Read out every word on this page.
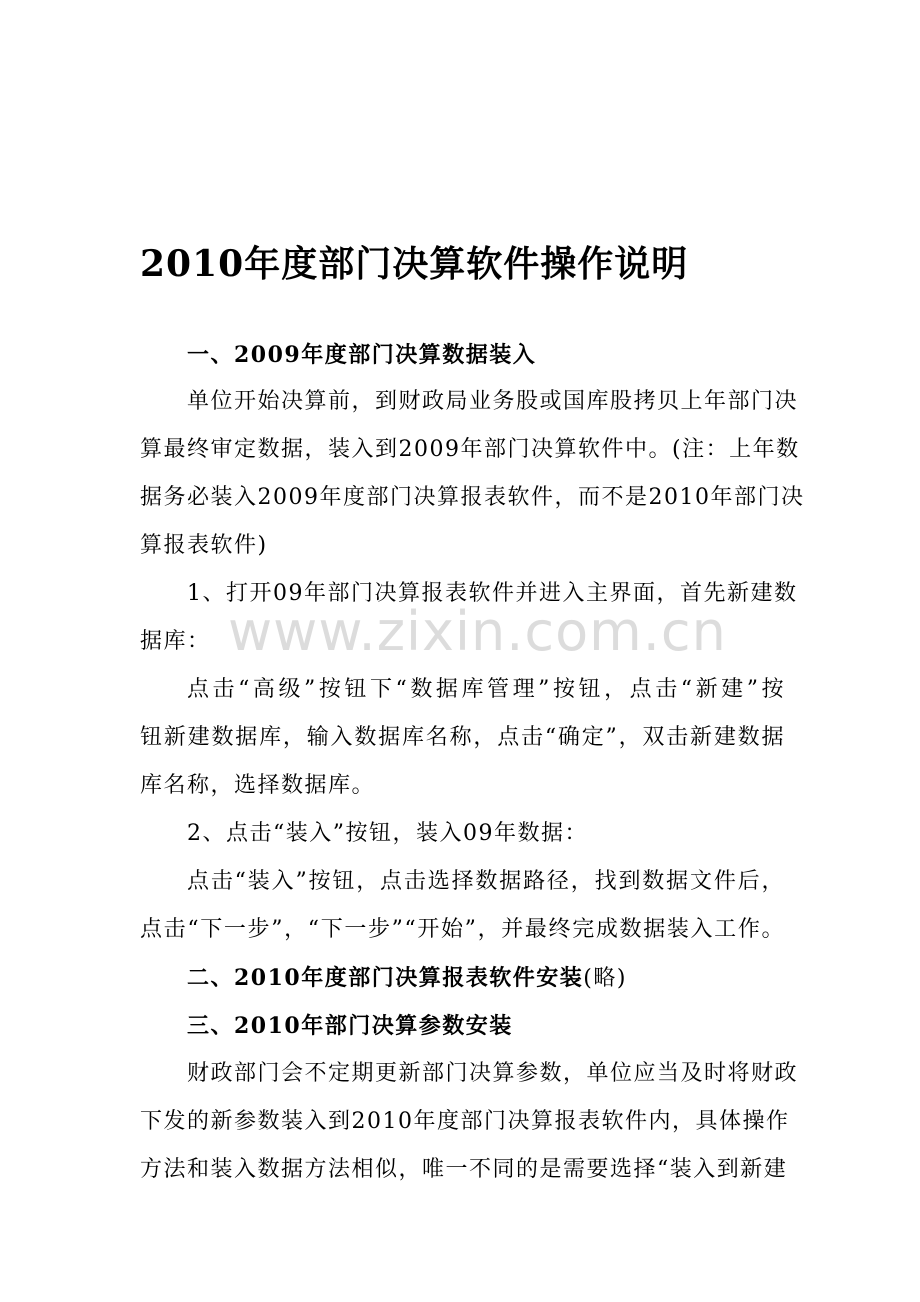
2010年度部门决算软件操作说明
一、2009年度部门决算数据装入
单位开始决算前，到财政局业务股或国库股拷贝上年部门决
算最终审定数据，装入到2009年部门决算软件中。(注：上年数
据务必装入2009年度部门决算报表软件，而不是2010年部门决
算报表软件)
1、打开09年部门决算报表软件并进入主界面，首先新建数
据库：
点击“高级”按钮下“数据库管理”按钮，点击“新建”按
钮新建数据库，输入数据库名称，点击“确定”，双击新建数据
库名称，选择数据库。
2、点击“装入”按钮，装入09年数据：
点击“装入”按钮，点击选择数据路径，找到数据文件后，
点击“下一步”，“下一步”“开始”，并最终完成数据装入工作。
二、2010年度部门决算报表软件安装(略)
三、2010年部门决算参数安装
财政部门会不定期更新部门决算参数，单位应当及时将财政
下发的新参数装入到2010年度部门决算报表软件内，具体操作
方法和装入数据方法相似，唯一不同的是需要选择“装入到新建
www.zixin.com.cn
